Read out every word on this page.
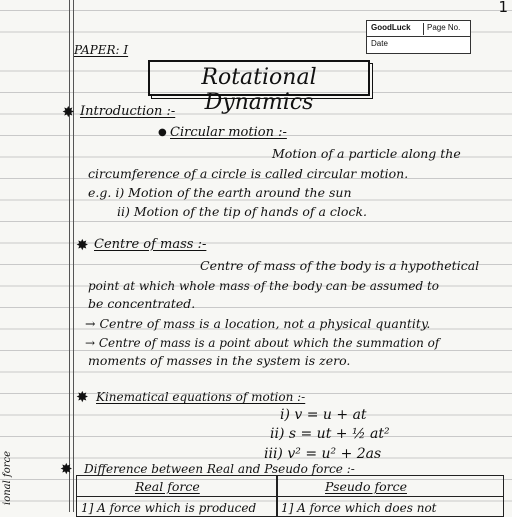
1
GoodLuck	Page No.
Date
PAPER: I
Rotational Dynamics
✸ Introduction :-
● Circular motion :-
Motion of a particle along the
circumference of a circle is called circular motion.
e.g. i) Motion of the earth around the sun
ii) Motion of the tip of hands of a clock.
✸ Centre of mass :-
Centre of mass of the body is a hypothetical
point at which whole mass of the body can be assumed to
be concentrated.
→ Centre of mass is a location, not a physical quantity.
→ Centre of mass is a point about which the summation of
moments of masses in the system is zero.
✸ Kinematical equations of motion :-
i) v = u + at
ii) s = ut + ½ at²
iii) v² = u² + 2as
✸ Difference between Real and Pseudo force :-
Real force	Pseudo force
1] A force which is produced 1] A force which does not
ional force
